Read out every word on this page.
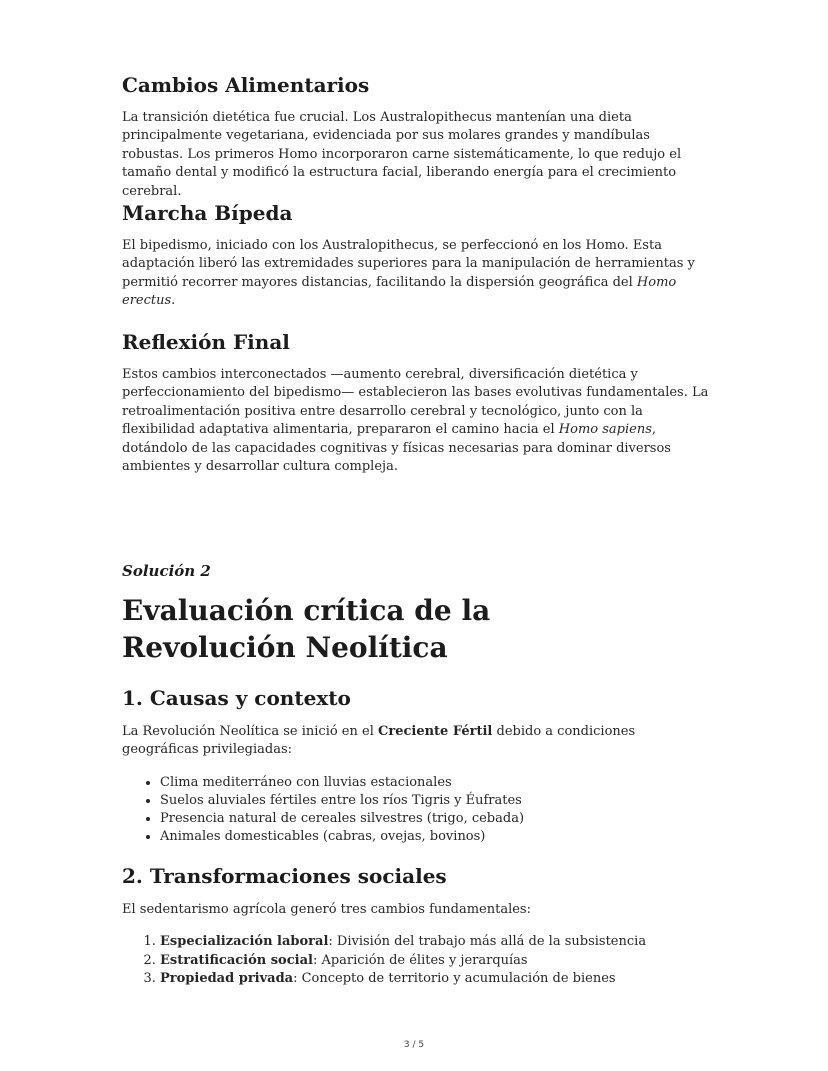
Cambios Alimentarios

La transición dietética fue crucial. Los Australopithecus mantenían una dieta principalmente vegetariana, evidenciada por sus molares grandes y mandíbulas robustas. Los primeros Homo incorporaron carne sistemáticamente, lo que redujo el tamaño dental y modificó la estructura facial, liberando energía para el crecimiento cerebral.

Marcha Bípeda

El bipedismo, iniciado con los Australopithecus, se perfeccionó en los Homo. Esta adaptación liberó las extremidades superiores para la manipulación de herramientas y permitió recorrer mayores distancias, facilitando la dispersión geográfica del Homo erectus.

Reflexión Final

Estos cambios interconectados —aumento cerebral, diversificación dietética y perfeccionamiento del bipedismo— establecieron las bases evolutivas fundamentales. La retroalimentación positiva entre desarrollo cerebral y tecnológico, junto con la flexibilidad adaptativa alimentaria, prepararon el camino hacia el Homo sapiens, dotándolo de las capacidades cognitivas y físicas necesarias para dominar diversos ambientes y desarrollar cultura compleja.

Solución 2
Evaluación crítica de la Revolución Neolítica
1. Causas y contexto

La Revolución Neolítica se inició en el Creciente Fértil debido a condiciones geográficas privilegiadas:

• Clima mediterráneo con lluvias estacionales
• Suelos aluviales fértiles entre los ríos Tigris y Éufrates
• Presencia natural de cereales silvestres (trigo, cebada)
• Animales domesticables (cabras, ovejas, bovinos)
2. Transformaciones sociales

El sedentarismo agrícola generó tres cambios fundamentales:

1. Especialización laboral: División del trabajo más allá de la subsistencia
2. Estratificación social: Aparición de élites y jerarquías
3. Propiedad privada: Concepto de territorio y acumulación de bienes
3 / 5
